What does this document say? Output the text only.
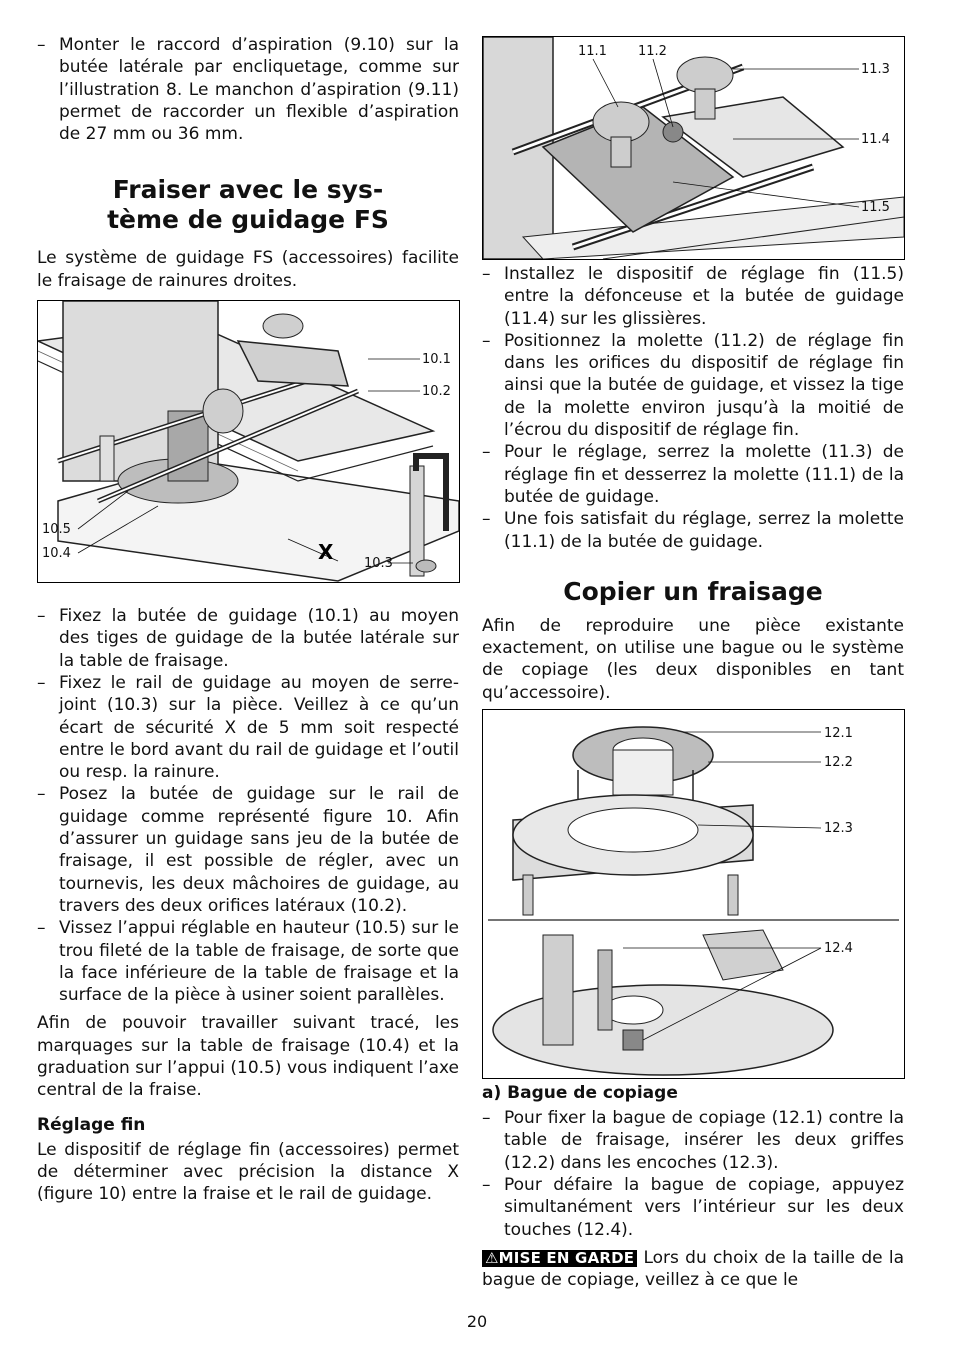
– Monter le raccord d’aspiration (9.10) sur la butée latérale par encliquetage, comme sur l’illustration 8. Le manchon d’aspiration (9.11) permet de raccorder un flexible d’aspiration de 27 mm ou 36 mm.
Fraiser avec le sys-
tème de guidage FS

Le système de guidage FS (accessoires) facilite le fraisage de rainures droites.

10.1
10.2
10.5
10.4
10.3
X
– Fixez la butée de guidage (10.1) au moyen des tiges de guidage de la butée latérale sur la table de fraisage.
– Fixez le rail de guidage au moyen de serre-joint (10.3) sur la pièce. Veillez à ce qu’un écart de sécurité X de 5 mm soit respecté entre le bord avant du rail de guidage et l’outil ou resp. la rainure.
– Posez la butée de guidage sur le rail de guidage comme représenté figure 10. Afin d’assurer un guidage sans jeu de la butée de fraisage, il est possible de régler, avec un tournevis, les deux mâchoires de guidage, au travers des deux orifices latéraux (10.2).
– Vissez l’appui réglable en hauteur (10.5) sur le trou fileté de la table de fraisage, de sorte que la face inférieure de la table de fraisage et la surface de la pièce à usiner soient parallèles.

Afin de pouvoir travailler suivant tracé, les marquages sur la table de fraisage (10.4) et la graduation sur l’appui (10.5) vous indiquent l’axe central de la fraise.

Réglage fin

Le dispositif de réglage fin (accessoires) permet de déterminer avec précision la distance X (figure 10) entre la fraise et le rail de guidage.

11.1 11.2
11.3
11.4
11.5
– Installez le dispositif de réglage fin (11.5) entre la défonceuse et la butée de guidage (11.4) sur les glissières.
– Positionnez la molette (11.2) de réglage fin dans les orifices du dispositif de réglage fin ainsi que la butée de guidage, et vissez la tige de la molette environ jusqu’à la moitié de l’écrou du dispositif de réglage fin.
– Pour le réglage, serrez la molette (11.3) de réglage fin et desserrez la molette (11.1) de la butée de guidage.
– Une fois satisfait du réglage, serrez la molette (11.1) de la butée de guidage.
Copier un fraisage

Afin de reproduire une pièce existante exactement, on utilise une bague ou le système de copiage (les deux disponibles en tant qu’accessoire).

12.1
12.2
12.3
12.4
a) Bague de copiage
– Pour fixer la bague de copiage (12.1) contre la table de fraisage, insérer les deux griffes (12.2) dans les encoches (12.3).
– Pour défaire la bague de copiage, appuyez simultanément vers l’intérieur sur les deux touches (12.4).

⚠MISE EN GARDE Lors du choix de la taille de la bague de copiage, veillez à ce que le

20
